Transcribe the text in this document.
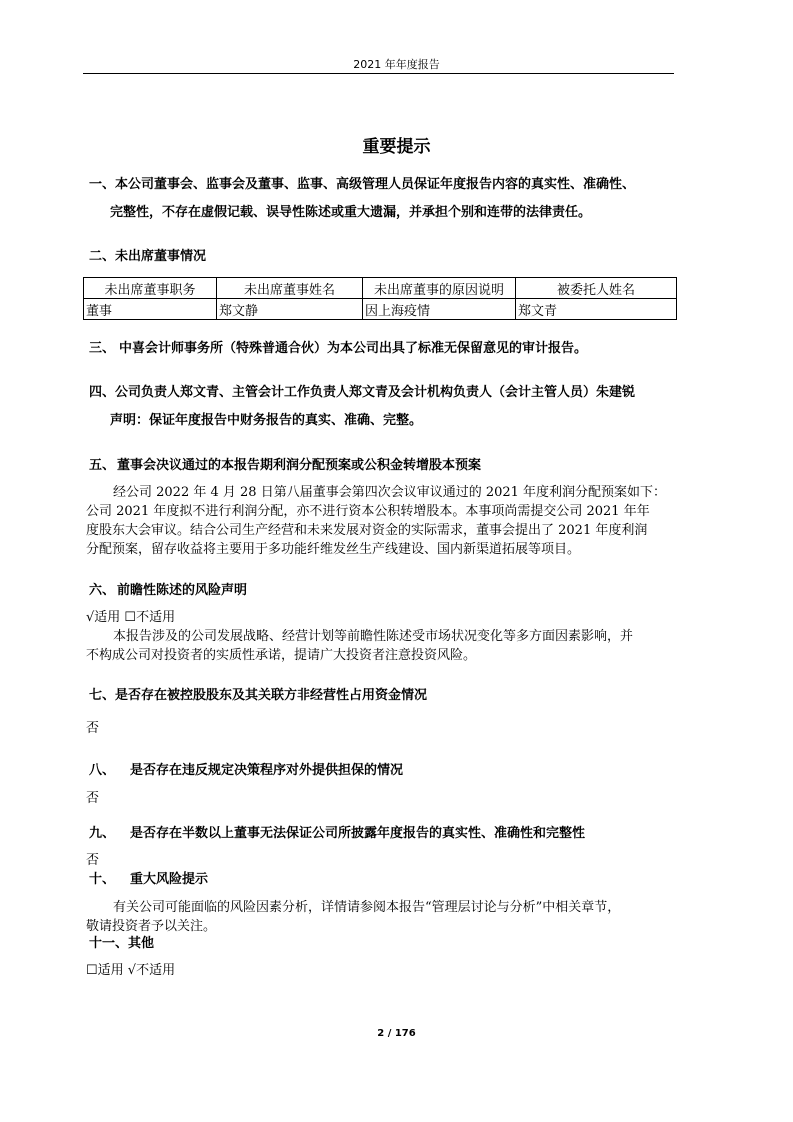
2021 年年度报告
重要提示
一、本公司董事会、监事会及董事、监事、高级管理人员保证年度报告内容的真实性、准确性、
完整性，不存在虚假记载、误导性陈述或重大遗漏，并承担个别和连带的法律责任。
二、未出席董事情况
未出席董事职务	未出席董事姓名	未出席董事的原因说明	被委托人姓名
董事	郑文静	因上海疫情	郑文青
三、 中喜会计师事务所（特殊普通合伙）为本公司出具了标准无保留意见的审计报告。
四、公司负责人郑文青、主管会计工作负责人郑文青及会计机构负责人（会计主管人员）朱建锐
声明：保证年度报告中财务报告的真实、准确、完整。
五、 董事会决议通过的本报告期利润分配预案或公积金转增股本预案
经公司 2022 年 4 月 28 日第八届董事会第四次会议审议通过的 2021 年度利润分配预案如下：
公司 2021 年度拟不进行利润分配，亦不进行资本公积转增股本。本事项尚需提交公司 2021 年年
度股东大会审议。结合公司生产经营和未来发展对资金的实际需求，董事会提出了 2021 年度利润
分配预案，留存收益将主要用于多功能纤维发丝生产线建设、国内新渠道拓展等项目。
六、 前瞻性陈述的风险声明
√适用 ☐不适用
本报告涉及的公司发展战略、经营计划等前瞻性陈述受市场状况变化等多方面因素影响，并
不构成公司对投资者的实质性承诺，提请广大投资者注意投资风险。
七、是否存在被控股股东及其关联方非经营性占用资金情况
否
八、 是否存在违反规定决策程序对外提供担保的情况
否
九、 是否存在半数以上董事无法保证公司所披露年度报告的真实性、准确性和完整性
否
十、 重大风险提示
有关公司可能面临的风险因素分析，详情请参阅本报告“管理层讨论与分析”中相关章节，
敬请投资者予以关注。
十一、其他
☐适用 √不适用
2 / 176
